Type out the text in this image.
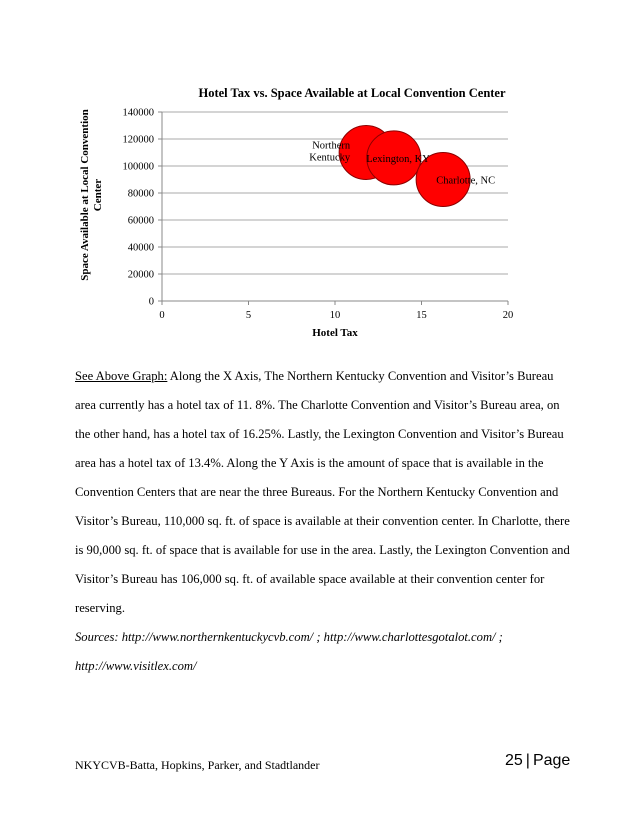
Hotel Tax vs. Space Available at Local Convention Center
0
20000
40000
60000
80000
100000
120000
140000
0	5	10	15	20
Northern Kentucky Lexington, KY
Charlotte, NC
Hotel Tax
Space Available at Local Convention Center

See Above Graph: Along the X Axis, The Northern Kentucky Convention and Visitor’s Bureau area currently has a hotel tax of 11. 8%. The Charlotte Convention and Visitor’s Bureau area, on the other hand, has a hotel tax of 16.25%. Lastly, the Lexington Convention and Visitor’s Bureau area has a hotel tax of 13.4%. Along the Y Axis is the amount of space that is available in the Convention Centers that are near the three Bureaus. For the Northern Kentucky Convention and Visitor’s Bureau, 110,000 sq. ft. of space is available at their convention center. In Charlotte, there is 90,000 sq. ft. of space that is available for use in the area. Lastly, the Lexington Convention and Visitor’s Bureau has 106,000 sq. ft. of available space available at their convention center for reserving.

Sources: http://www.northernkentuckycvb.com/ ; http://www.charlottesgotalot.com/ ; http://www.visitlex.com/

NKYCVB-Batta, Hopkins, Parker, and Stadtlander	25 | Page
